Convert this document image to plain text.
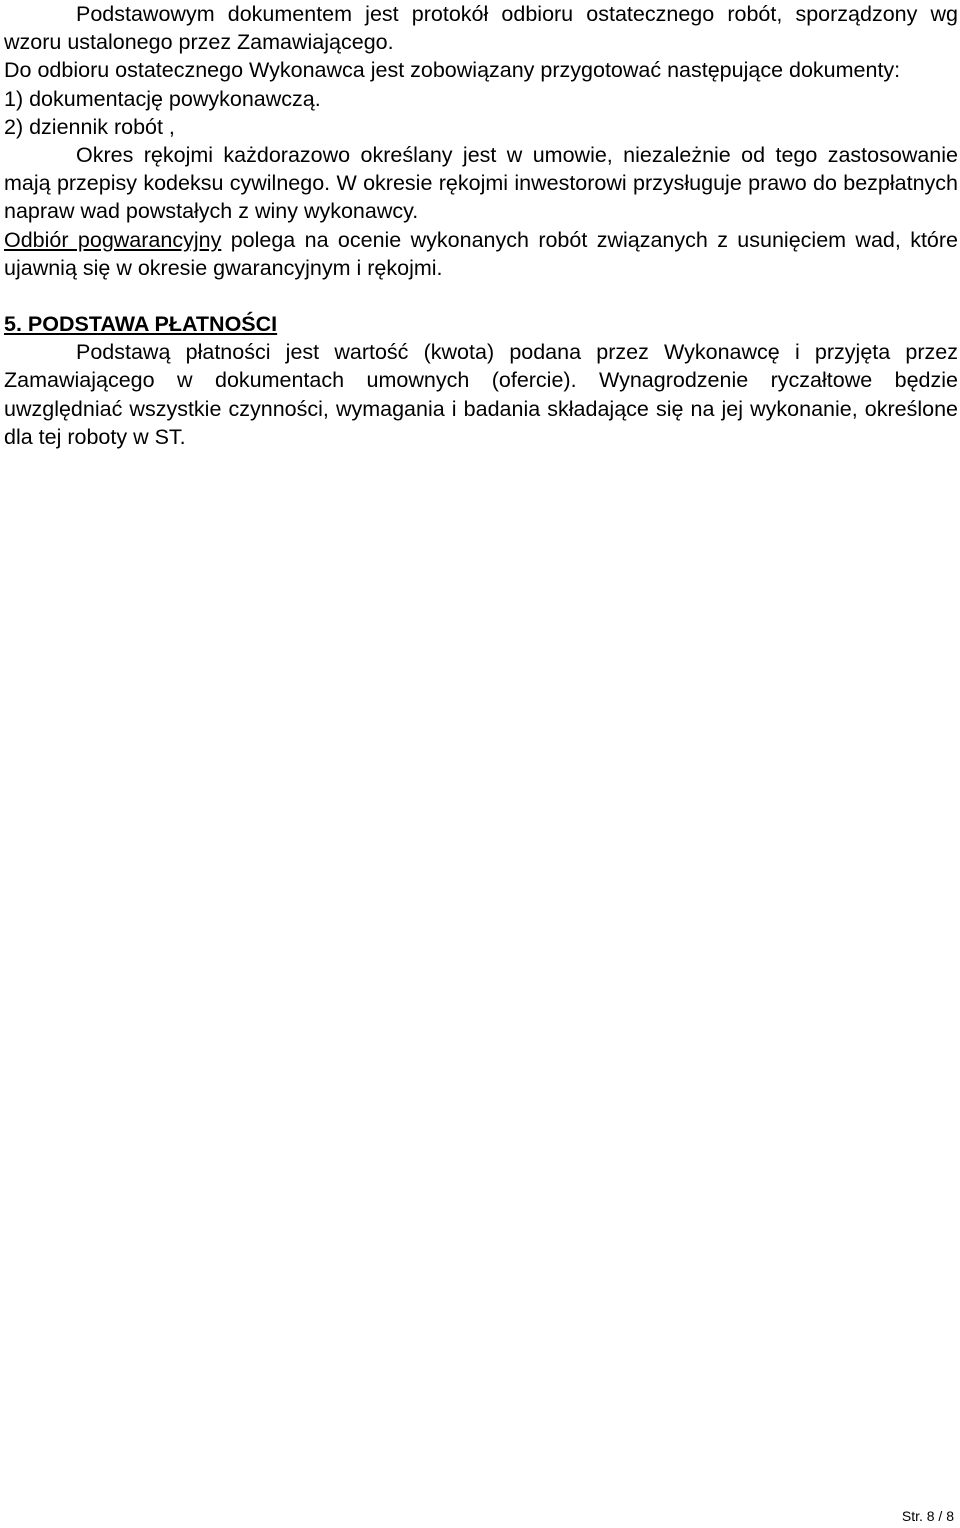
Podstawowym dokumentem jest protokół odbioru ostatecznego robót, sporządzony wg wzoru ustalonego przez Zamawiającego.

Do odbioru ostatecznego Wykonawca jest zobowiązany przygotować następujące dokumenty:

1) dokumentację powykonawczą.

2) dziennik robót ,

Okres rękojmi każdorazowo określany jest w umowie, niezależnie od tego zastosowanie mają przepisy kodeksu cywilnego. W okresie rękojmi inwestorowi przysługuje prawo do bezpłatnych napraw wad powstałych z winy wykonawcy.

Odbiór pogwarancyjny polega na ocenie wykonanych robót związanych z usunięciem wad, które ujawnią się w okresie gwarancyjnym i rękojmi.

5. PODSTAWA PŁATNOŚCI

Podstawą płatności jest wartość (kwota) podana przez Wykonawcę i przyjęta przez Zamawiającego w dokumentach umownych (ofercie). Wynagrodzenie ryczałtowe będzie uwzględniać wszystkie czynności, wymagania i badania składające się na jej wykonanie, określone dla tej roboty w ST.

Str. 8 / 8
